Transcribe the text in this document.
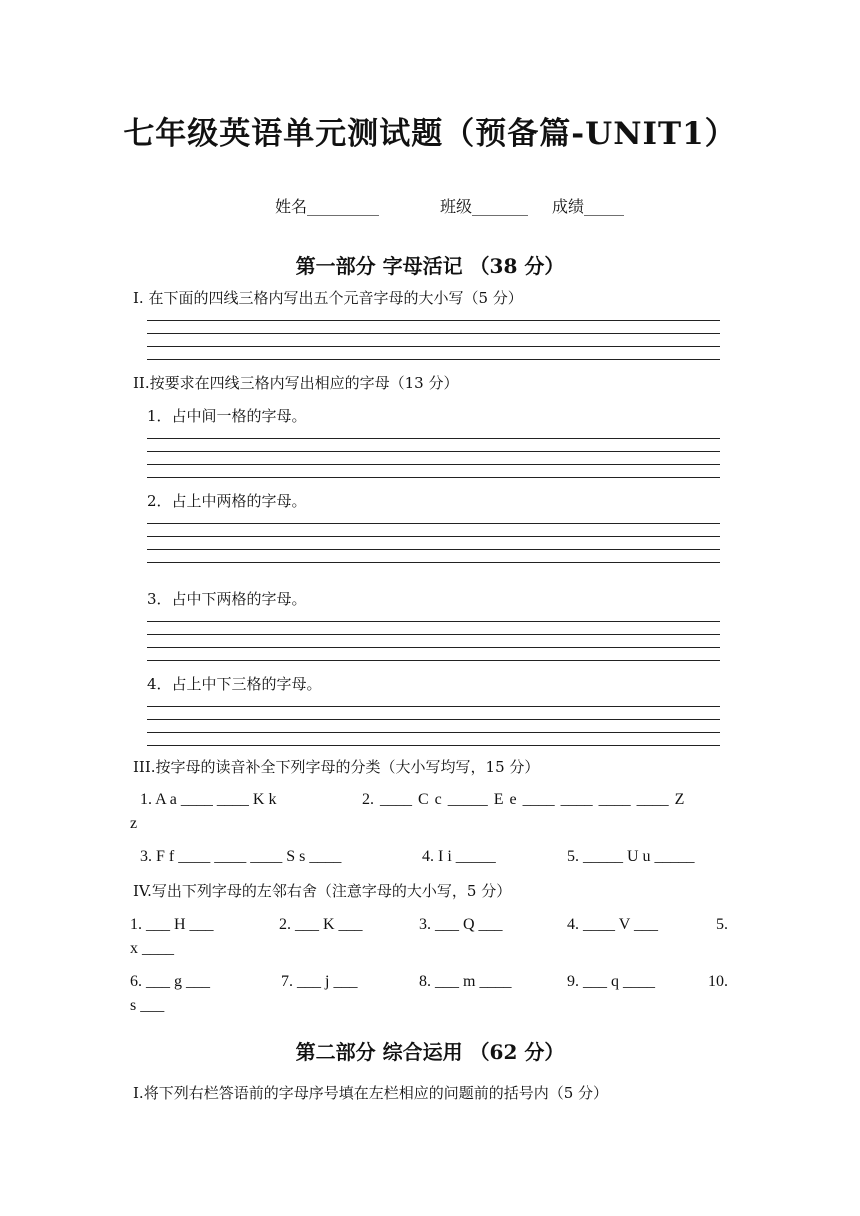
七年级英语单元测试题（预备篇-UNIT1）
姓名_________	班级_______ 成绩_____
第一部分 字母活记 （38 分）
I. 在下面的四线三格内写出五个元音字母的大小写（5 分）
II.按要求在四线三格内写出相应的字母（13 分）
1．占中间一格的字母。
2．占上中两格的字母。
3．占中下两格的字母。
4．占上中下三格的字母。
III.按字母的读音补全下列字母的分类（大小写均写，15 分）
1. A a ____ ____ K k	2. ____ C c _____ E e ____ ____ ____ ____ Z
z
3. F f ____ ____ ____ S s ____	4. I i _____	5. _____ U u _____
IV.写出下列字母的左邻右舍（注意字母的大小写，5 分）
1. ___ H ___	2. ___ K ___	3. ___ Q ___	4. ____ V ___	5.
x ____
6. ___ g ___	7. ___ j ___	8. ___ m ____	9. ___ q ____	10.
s ___
第二部分 综合运用 （62 分）
Ⅰ.将下列右栏答语前的字母序号填在左栏相应的问题前的括号内（5 分）
